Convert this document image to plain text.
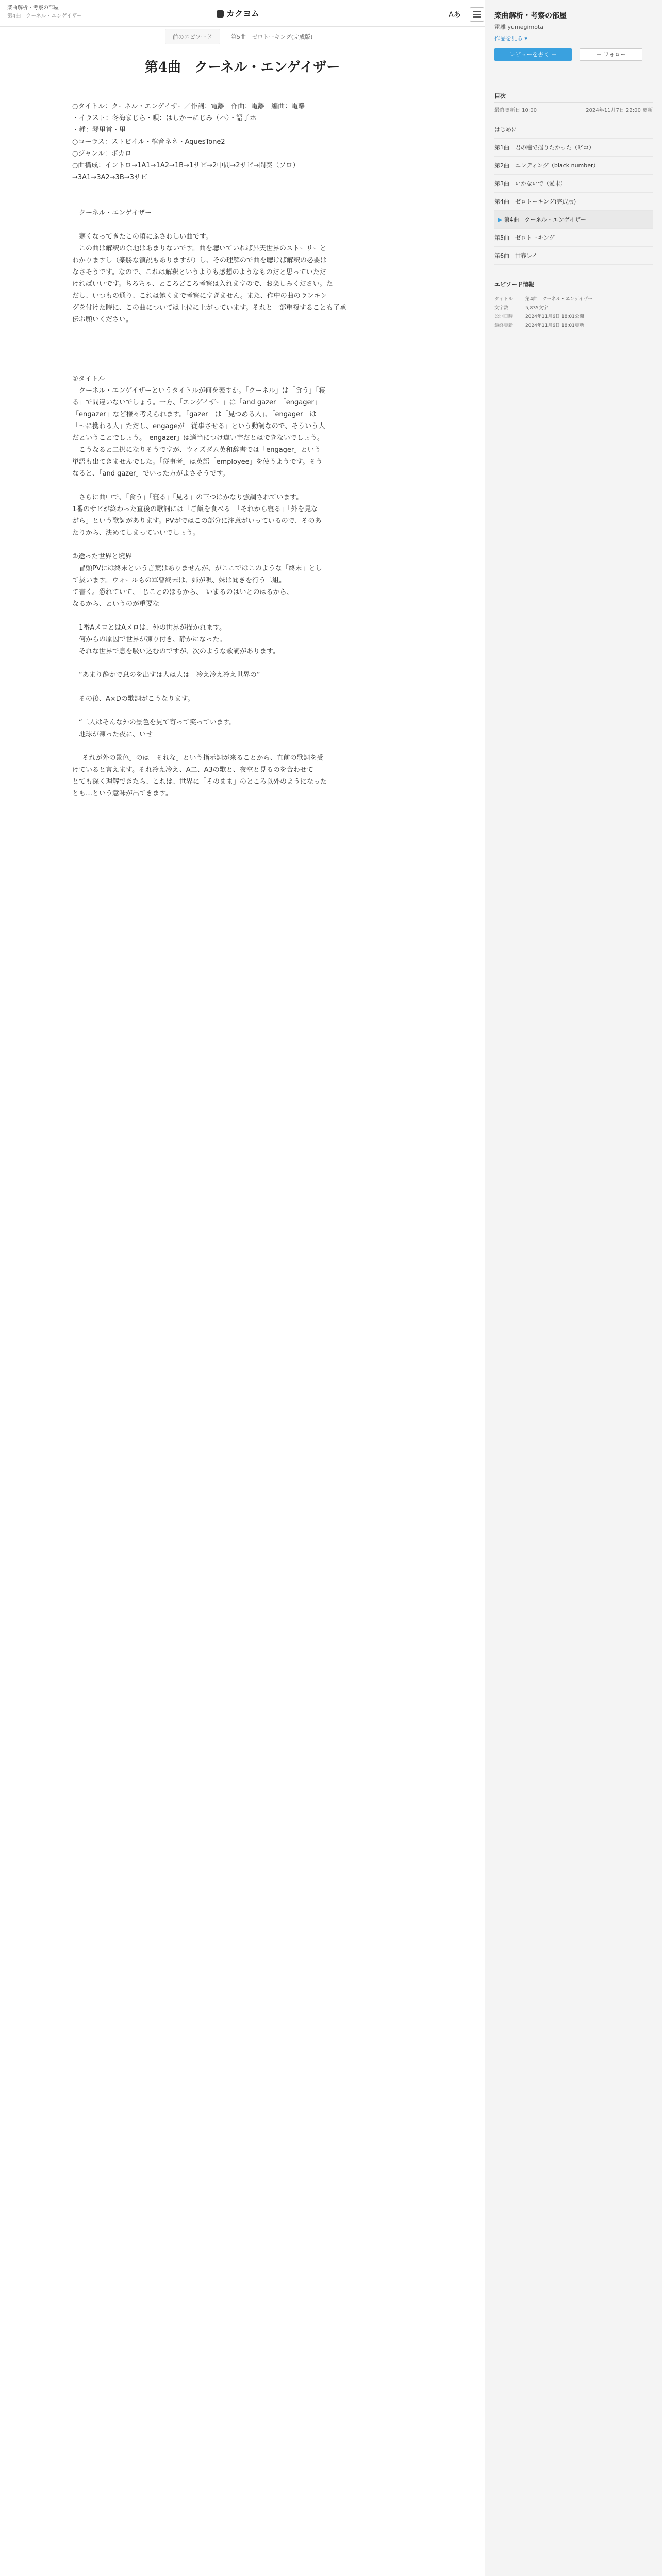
楽曲解析・考察の部屋
第4曲　クーネル・エンゲイザー	カクヨム	Aあ
前のエピソード	第5曲　ゼロトーキング(完成版)
第4曲　クーネル・エンゲイザー

○タイトル：クーネル・エンゲイザー／作詞：電離　作曲：電離　編曲：電離

・イラスト：冬海まじら・唄：はしかーにじみ（ハ）・語子ホ

・種：琴里首・里

○コーラス：ストビイル・棺音ネネ・AquesTone2

○ジャンル：ボカロ

○曲構成：イントロ→1A1→1A2→1B→1サビ→2中間→2サビ→間奏（ソロ）

→3A1→3A2→3B→3サビ

　クーネル・エンゲイザー

　寒くなってきたこの頃にふさわしい曲です。

　この曲は解釈の余地はあまりないです。曲を聴いていれば昇天世界のストーリーと

わかりますし（楽勝な演説もありますが）し、その理解ので曲を聴けば解釈の必要は

なさそうです。なので、これは解釈というよりも感想のようなものだと思っていただ

ければいいです。ちろちゃ、ところどころ考察は入れますので、お楽しみください。た

だし、いつもの通り、これは飽くまで考察にすぎません。また、作中の曲のランキン

グを付けた時に、この曲については上位に上がっています。それと一部重複することも了承

伝お願いください。

①タイトル

　クーネル・エンゲイザーというタイトルが何を表すか。「クーネル」は「食う」「寝

る」で間違いないでしょう。一方、「エンゲイザー」は「and gazer」「engager」

「engazer」など様々考えられます。「gazer」は「見つめる人」、「engager」は

「〜に携わる人」ただし、engageが「従事させる」という動詞なので、そういう人

だということでしょう。「engazer」は適当につけ違い字だとはできないでしょう。

　こうなると二択になりそうですが、ウィズダム英和辞書では「engager」という

単語も出てきませんでした。「従事者」は英語「employee」を使うようです。そう

なると、「and gazer」でいった方がよさそうです。

　さらに曲中で、「食う」「寝る」「見る」の三つはかなり強調されています。

1番のサビが終わった直後の歌詞には「ご飯を食べる」「それから寝る」「外を見な

がら」という歌詞があります。PVがではこの部分に注意がいっているので、そのあ

たりから、決めてしまっていいでしょう。

②途った世界と境界

　冒頭PVには終末という言葉はありませんが、がここではこのような「終末」とし

て扱います。ウォールもの軍曹終末は、姉が唄、妹は聞きを行う二組。

て書く。恐れていて、「じことのほるから、「いまるのはいとのはるから、

なるから、というのが重要な

　1番AメロとはAメロは、外の世界が描かれます。

　何からの原因で世界が凍り付き、静かになった。

　それな世界で息を吸い込むのですが、次のような歌詞があります。

　“あまり静かで息のを出すは人は人は　冷え冷え冷え世界の”

　その後、A×Dの歌詞がこうなります。

　“二人はそんな外の景色を見て寄って笑っています。

　地球が凍った夜に、いせ

　「それが外の景色」のは「それな」という指示詞が来ることから、直前の歌詞を受

けていると言えます。それ冷え冷え、A二、A3の歌と、夜空と見るのを合わせて

とても深く理解できたら、これは、世界に「そのまま」のところ以外のようになった

とも…という意味が出てきます。

楽曲解析・考察の部屋
電離 yumegimota
作品を見る ▾
レビューを書く ＋	＋ フォロー
目次
最終更新日 10:00	2024年11月7日 22:00 更新
はじめに
第1曲　君の瞳で揺りたかった（ビコ）
第2曲　エンディング（black number）
第3曲　いかないで（愛未）
第4曲　ゼロトーキング(完成版)
▶ 第4曲　クーネル・エンゲイザー
第5曲　ゼロトーキング
第6曲　甘春レイ
エピソード情報
タイトル	第4曲　クーネル・エンゲイザー
文字数	5,835文字
公開日時	2024年11月6日 18:01公開
最終更新	2024年11月6日 18:01更新
